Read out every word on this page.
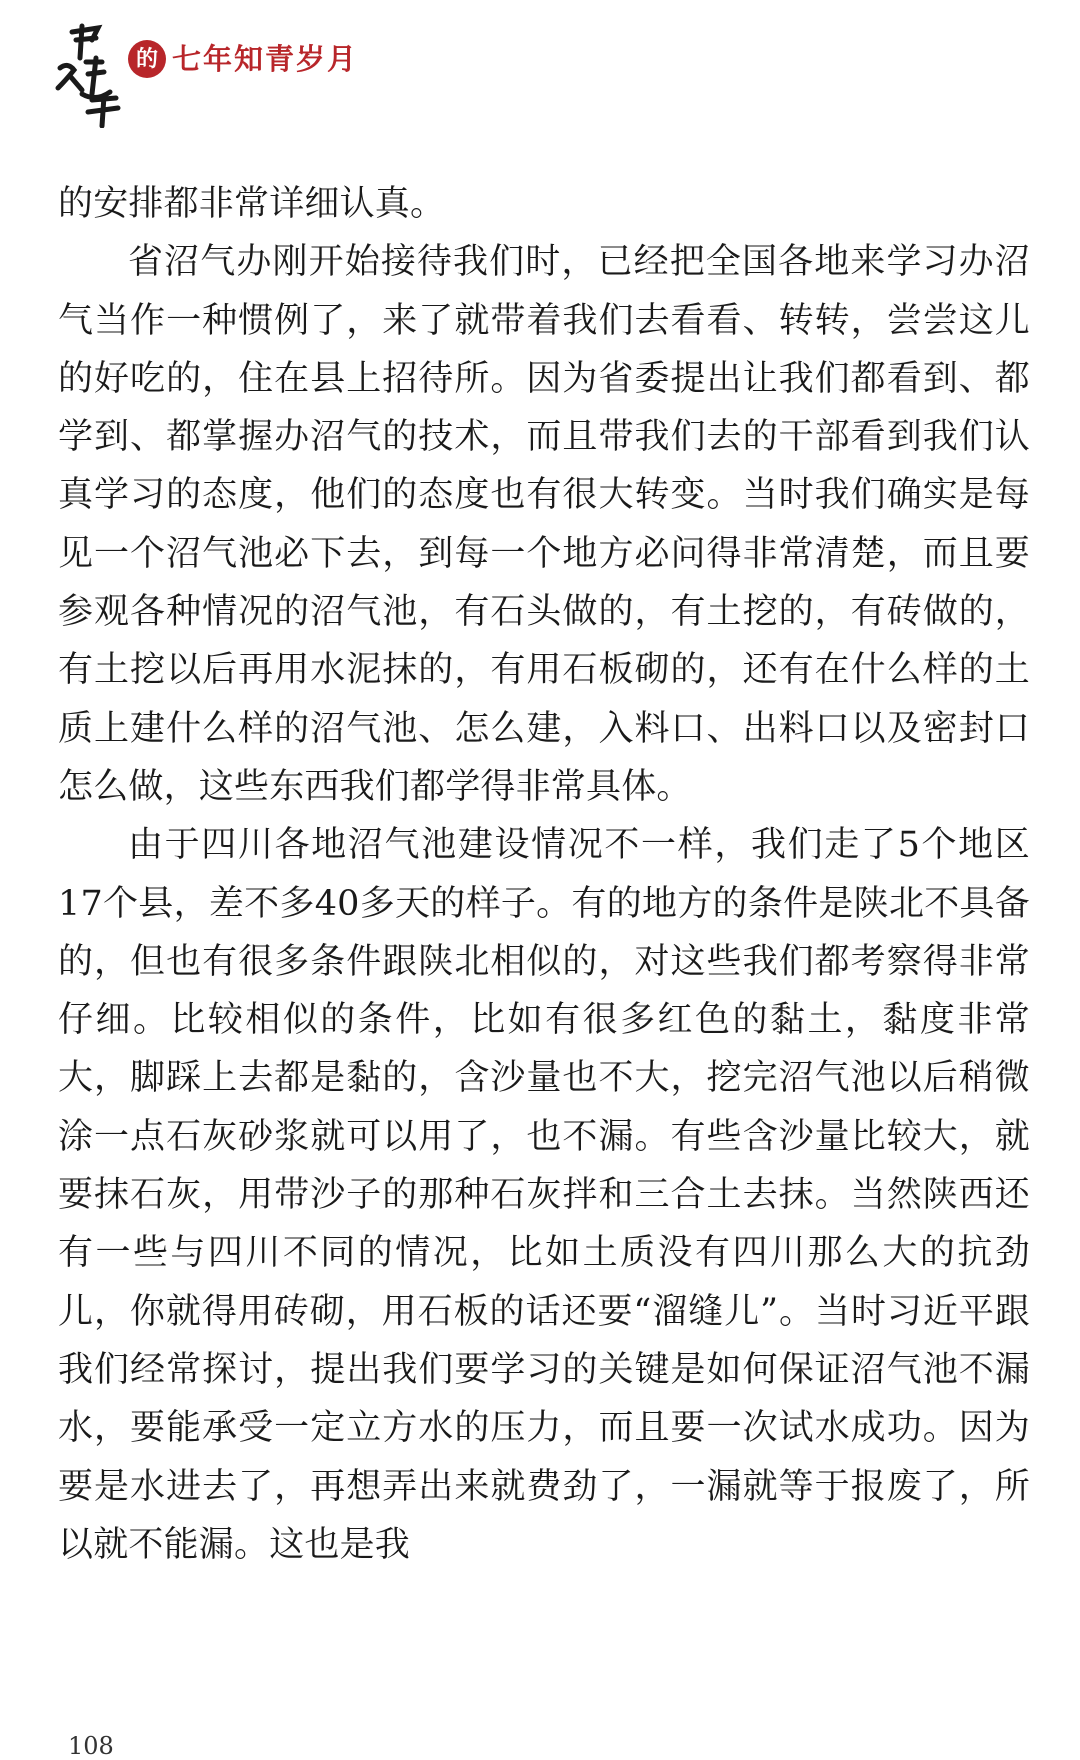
的 七年知青岁月

的安排都非常详细认真。

省沼气办刚开始接待我们时，已经把全国各地来学习办沼气当作一种惯例了，来了就带着我们去看看、转转，尝尝这儿的好吃的，住在县上招待所。因为省委提出让我们都看到、都学到、都掌握办沼气的技术，而且带我们去的干部看到我们认真学习的态度，他们的态度也有很大转变。当时我们确实是每见一个沼气池必下去，到每一个地方必问得非常清楚，而且要参观各种情况的沼气池，有石头做的，有土挖的，有砖做的，有土挖以后再用水泥抹的，有用石板砌的，还有在什么样的土质上建什么样的沼气池、怎么建，入料口、出料口以及密封口怎么做，这些东西我们都学得非常具体。

由于四川各地沼气池建设情况不一样，我们走了5个地区17个县，差不多40多天的样子。有的地方的条件是陕北不具备的，但也有很多条件跟陕北相似的，对这些我们都考察得非常仔细。比较相似的条件，比如有很多红色的黏土，黏度非常大，脚踩上去都是黏的，含沙量也不大，挖完沼气池以后稍微涂一点石灰砂浆就可以用了，也不漏。有些含沙量比较大，就要抹石灰，用带沙子的那种石灰拌和三合土去抹。当然陕西还有一些与四川不同的情况，比如土质没有四川那么大的抗劲儿，你就得用砖砌，用石板的话还要“溜缝儿”。当时习近平跟我们经常探讨，提出我们要学习的关键是如何保证沼气池不漏水，要能承受一定立方水的压力，而且要一次试水成功。因为要是水进去了，再想弄出来就费劲了，一漏就等于报废了，所以就不能漏。这也是我

108
